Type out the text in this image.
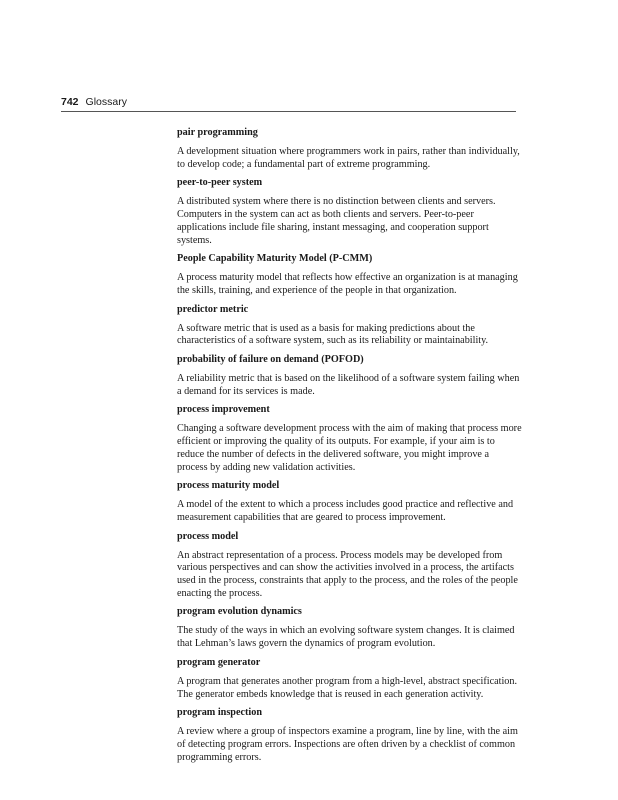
742 Glossary
pair programming

A development situation where programmers work in pairs, rather than individually, to develop code; a fundamental part of extreme programming.

peer-to-peer system

A distributed system where there is no distinction between clients and servers. Computers in the system can act as both clients and servers. Peer-to-peer applications include file sharing, instant messaging, and cooperation support systems.

People Capability Maturity Model (P-CMM)

A process maturity model that reflects how effective an organization is at managing the skills, training, and experience of the people in that organization.

predictor metric

A software metric that is used as a basis for making predictions about the characteristics of a software system, such as its reliability or maintainability.

probability of failure on demand (POFOD)

A reliability metric that is based on the likelihood of a software system failing when a demand for its services is made.

process improvement

Changing a software development process with the aim of making that process more efficient or improving the quality of its outputs. For example, if your aim is to reduce the number of defects in the delivered software, you might improve a process by adding new validation activities.

process maturity model

A model of the extent to which a process includes good practice and reflective and measurement capabilities that are geared to process improvement.

process model

An abstract representation of a process. Process models may be developed from various perspectives and can show the activities involved in a process, the artifacts used in the process, constraints that apply to the process, and the roles of the people enacting the process.

program evolution dynamics

The study of the ways in which an evolving software system changes. It is claimed that Lehman’s laws govern the dynamics of program evolution.

program generator

A program that generates another program from a high-level, abstract specification. The generator embeds knowledge that is reused in each generation activity.

program inspection

A review where a group of inspectors examine a program, line by line, with the aim of detecting program errors. Inspections are often driven by a checklist of common programming errors.
